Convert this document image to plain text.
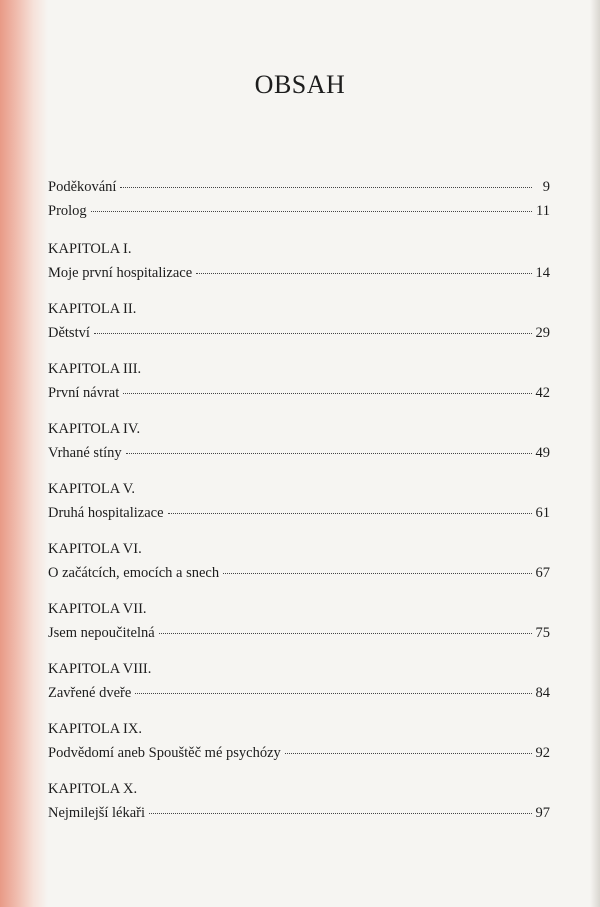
OBSAH
Poděkování	9
Prolog	11
KAPITOLA I.
Moje první hospitalizace	14
KAPITOLA II.
Dětství	29
KAPITOLA III.
První návrat	42
KAPITOLA IV.
Vrhané stíny	49
KAPITOLA V.
Druhá hospitalizace	61
KAPITOLA VI.
O začátcích, emocích a snech	67
KAPITOLA VII.
Jsem nepoučitelná	75
KAPITOLA VIII.
Zavřené dveře	84
KAPITOLA IX.
Podvědomí aneb Spouštěč mé psychózy	92
KAPITOLA X.
Nejmilejší lékaři	97
